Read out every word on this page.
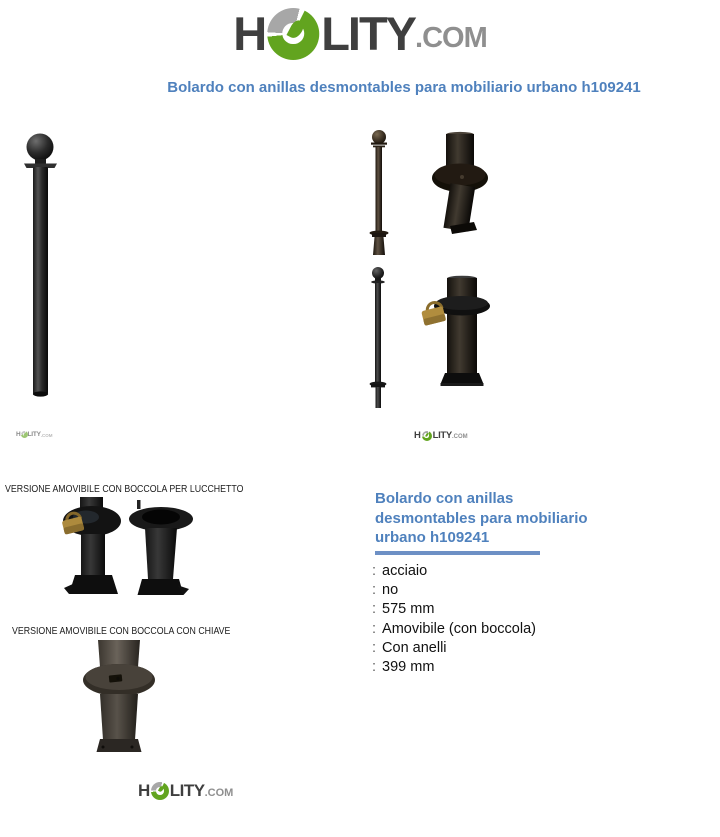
H LITY .COM
Bolardo con anillas desmontables para mobiliario urbano h109241
H LITY .COM	H LITY .COM
VERSIONE AMOVIBILE CON BOCCOLA PER LUCCHETTO
VERSIONE AMOVIBILE CON BOCCOLA CON CHIAVE
H LITY .COM
Bolardo con anillas desmontables para mobiliario urbano h109241
: acciaio
: no
: 575 mm
: Amovibile (con boccola)
: Con anelli
: 399 mm
